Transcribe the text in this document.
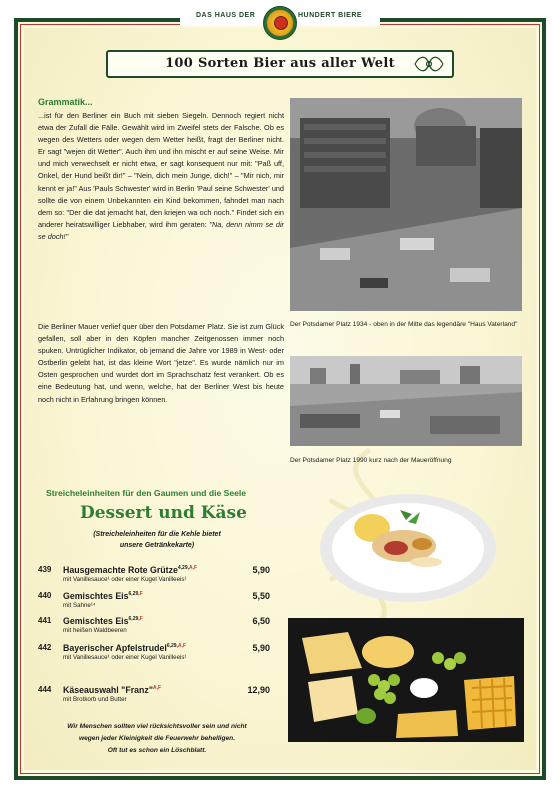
DAS HAUS DER	HUNDERT BIERE
100 Sorten Bier aus aller Welt
Grammatik...
...ist für den Berliner ein Buch mit sieben Siegeln. Dennoch regiert nicht etwa der Zufall die Fälle. Gewählt wird im Zweifel stets der Falsche. Ob es wegen des Wetters oder wegen dem Wetter heißt, fragt der Berliner nicht. Er sagt "wejen dit Wetter". Auch ihm und ihn mischt er auf seine Weise. Mir und mich verwechselt er nicht etwa, er sagt konsequent nur mit: "Paß uff, Onkel, der Hund beißt dir!" – "Nein, dich mein Junge, dich!" – "Mir nich, mir kennt er ja!" Aus 'Pauls Schwester' wird in Berlin 'Paul seine Schwester' und sollte die von einem Unbekannten ein Kind bekommen, fahndet man nach dem so: "Der die dat jemacht hat, den kriejen wa och noch." Findet sich ein anderer heiratswilliger Liebhaber, wird ihm geraten: "Na, denn nimm se dir se doch!"
Die Berliner Mauer verlief quer über den Potsdamer Platz. Sie ist zum Glück gefallen, soll aber in den Köpfen mancher Zeitgenossen immer noch spuken. Untrüglicher Indikator, ob jemand die Jahre vor 1989 in West- oder Ostberlin gelebt hat, ist das kleine Wort "jetze". Es wurde nämlich nur im Osten gesprochen und wurdet dort im Sprachschatz fest verankert. Ob es eine Bedeutung hat, und wenn, welche, hat der Berliner West bis heute noch nicht in Erfahrung bringen können.
Der Potsdamer Platz 1934 - oben in der Mitte das legendäre "Haus Vaterland"
Der Potsdamer Platz 1990 kurz nach der Maueröffnung
Streicheleinheiten für den Gaumen und die Seele
Dessert und Käse
(Streicheleinheiten für die Kehle bietet
unsere Getränkekarte)
439 Hausgemachte Rote Grütze$^{4,29,A,F}$
mit Vanillesauce¹ oder einer Kugel Vanilleeis¹
5,90
440 Gemischtes Eis$^{6,29,F}$
mit Sahne¹⁴
5,50
441 Gemischtes Eis$^{6,29,F}$
mit heißen Waldbeeren
6,50
442 Bayerischer Apfelstrudel$^{6,29,A,F}$
mit Vanillesauce¹ oder einer Kugel Vanilleeis¹
5,90
444 Käseauswahl "Franz"$^{A,F}$
mit Brotkorb und Butter
12,90
Wir Menschen sollten viel rücksichtsvoller sein und nicht
wegen jeder Kleinigkeit die Feuerwehr behelligen.
Oft tut es schon ein Löschblatt.
